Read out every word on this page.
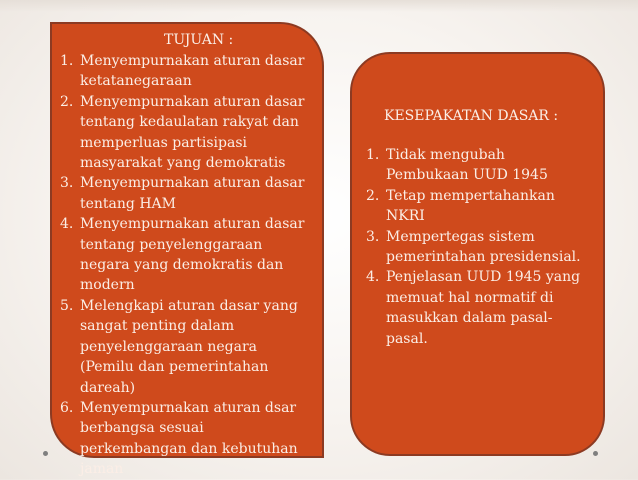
TUJUAN :
1. Menyempurnakan aturan dasar
ketatanegaraan
2. Menyempurnakan aturan dasar
tentang kedaulatan rakyat dan
memperluas partisipasi
masyarakat yang demokratis
3. Menyempurnakan aturan dasar
tentang HAM
4. Menyempurnakan aturan dasar
tentang penyelenggaraan
negara yang demokratis dan
modern
5. Melengkapi aturan dasar yang
sangat penting dalam
penyelenggaraan negara
(Pemilu dan pemerintahan
dareah)
6. Menyempurnakan aturan dsar
berbangsa sesuai
perkembangan dan kebutuhan
jaman
KESEPAKATAN DASAR :
1. Tidak mengubah
Pembukaan UUD 1945
2. Tetap mempertahankan
NKRI
3. Mempertegas sistem
pemerintahan presidensial.
4. Penjelasan UUD 1945 yang
memuat hal normatif di
masukkan dalam pasal-
pasal.
